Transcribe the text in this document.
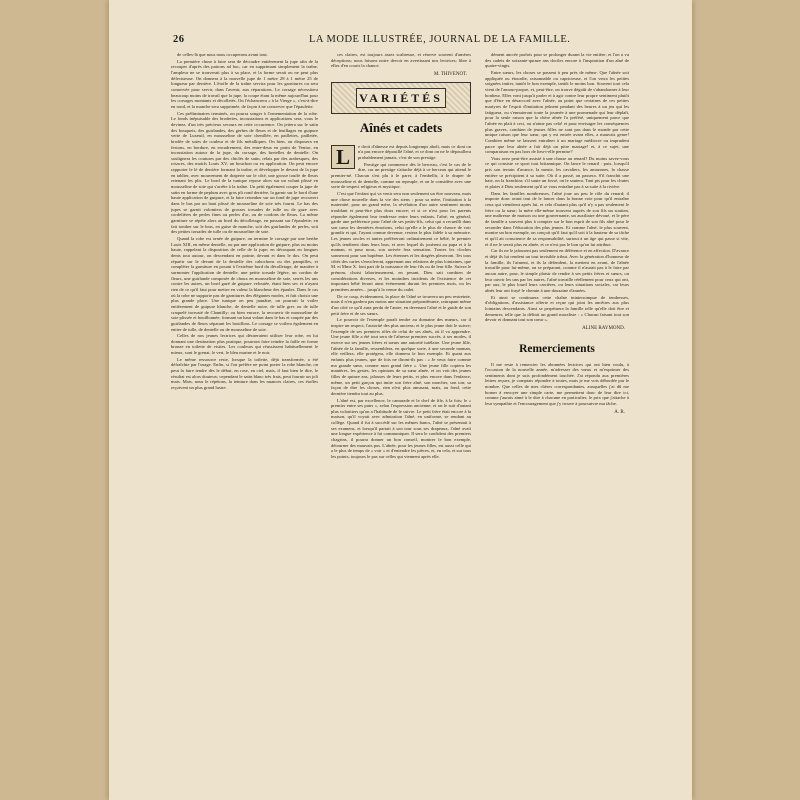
26	LA MODE ILLUSTRÉE, JOURNAL DE LA FAMILLE.

de celles-là que nous nous occuperons avant tout.

La première chose à faire sera de découdre entièrement la jupe afin de la recouper d'après des patrons ad hoc, car en supprimant simplement la traîne, l'ampleur ne se trouverait plus à sa place, et la forme serait ou ne peut plus défectueuse. On donnera à la nouvelle jupe de 1 mètre 28 à 1 mètre 25 de longueur par derrière. L'étoffe de la traîne servira pour les garnitures ou sera conservée pour servir, dans l'avenir, aux réparations. Le corsage nécessitera beaucoup moins de travail que la jupe, la coupe étant la même aujourd'hui pour les corsages montants et décolletés. On l'échancrera « à la Vierge », c'est-à-dire en rond, et la manche sera supprimée, de façon à ne conserver que l'épaulette.

Ces préliminaires terminés, on pourra songer à l'ornementation de la robe. Le fonds inépuisable des broderies, incrustations et applications sera, vous le devinez, d'un très précieux secours en cette occurrence. On jettera sur le satin des bouquets, des guirlandes, des gerbes de fleurs et de feuillages en guipure verte de Luxeuil, en mousseline de soie chenillée, en paillettes, pailletée, brodée de soies de couleur et de fils métalliques. On bien, on disposera en festons, en bordure, en encadrement, des entre-deux en point de Venise, en incrustation autour de la jupe, du corsage, des bretelles de dentelle. On soulignera les coutures par des chiclés de satin, relais par des arabesques, des rosaces, des motifs Louis XV, un bouchon ou en application. On peut encore rapporter le lé de derrière formant la traîne, et développer le devant de la jupe en tablier, avec mouvement de draperie sur le côté, une grosse touffe de fleurs retenant les plis. Le bord de la tunique repose alors sur un volant plissé en mousseline de soie qui s'arrête à la traîne. Un petit également couper la jupe de satin en forme de peplum avec gros pli rond derrière, la garnir sur le bord d'une haute application de guipure, et la faire retomber sur un fond de jupe recouvert dans le bas par un haut plissé de mousseline de soie très fourni. Le bas des jupes se garnit volontiers de grosses torsades de tulle ou de gaze avec cordelières de perles fines ou perles d'or, ou de cordons de fleurs. La même garniture se répète alors au bord du décolletage, en passant sur l'épaulette; en fait tomber sur le bras, en guise de manche, soit des guirlandes de perles, soit des petites torsades de tulle ou de mousseline de soie.

Quand la robe est ornée de guipure, on termine le corsage par une berthe Louis XIII, en même dentelle, ou par une application de guipure, plus ou moins haute, rappelant la disposition de celle de la jupe; en découpant en longues dents tout autour, on descendant en pointe, devant et dans le dos. On peut répartir sur le devant de la dentelle des cabochons ou des pampilles, et compléter la garniture en posant à l'extrême bord du décolletage, de manière à surmonter l'application de dentelle, une petite torsade légère, un cordon de fleurs, une guirlande composée de choux en mousseline de soie, serrés les uns contre les autres, un bord gazé de guipure veloutée, étant bien sec et n'ayant rien de ce qu'il faut pour mettre en valeur la blancheur des épaules. Dans le cas où la robe ne supporte pas de garnitures des élégantes modes, et fait choisir une plus grande place. Une tunique on peu jaunâtre, on pourrait la voiler entièrement de guipure blanche, de dentelle noire, de tulle grec ou de tulle craquelé incrusté de Chantilly; ou bien encore, la recouvrir de mousseline de soie plissée et bouillonnée, formant un haut volant dans le bas et coupée par des guirlandes de fleurs séparant les bouillons. Le corsage se voilera également en entier de tulle, de dentelle ou de mousseline de soie.

Celles de nos jeunes lectrices qui désireraient utiliser leur robe, en lui donnant une destination plus pratique, pourront faire teindre la faille en forme bronze en toilette de visites. Les couleurs qui réussissent habituellement le mieux, sont le grenat, le vert, le bleu marine et le noir.

Le même ressource reste, lorsque la toilette, déjà transformée, a été défraîchie par l'usage. Enfin, si l'on préfère ne point porter la robe blanche, on peut la faire tendre dès le début, en rose, en ciel, mais, il faut bien le dire, le résultat est alors douteux; cependant le satin blanc très frais, peut fournir un joli mais. Mais, nous le répétons, la teinture dans les nuances claires, ces étoffes reçoivent un plus grand lustre.

ces claires, est toujours assez scabreuse, et réserve souvent d'amères déceptions; nous faisons notre devoir en avertissant nos lectrices; libre à elles d'en courir la chance.

M. THIVENOT.
VARIÉTÉS
Aînés et cadets
L	e droit d'aînesse est depuis longtemps aboli, mais ce dont on n'a pas encore dépouillé l'aîné, et ce dont on ne le dépouillera probablement jamais, c'est de son prestige.

Prestige qui commence dès le berceau, c'est le cas de le dire, car un prestige s'attache déjà à ce berceau qui attend le premier-né. Chacun s'est plu à le parer, à l'embellir, à le draper de mousseline et de dentelle, comme on repeuple, et on le considère avec une sorte de respect religieux et mystique.

C'est que l'enfant qui va venir sera non seulement un être nouveau, mais une chose nouvelle dans la vie des siens : pour sa mère, l'initiation à la maternité, pour un grand mère, la révélation d'un autre sentiment moins troublant et peut-être plus doux encore; et si ce n'est pour les parents répondre également leur tendresse entre leurs enfants, l'aîné, en général, garde une préférence pour l'aîné de ses petits-fils, celui qui a recueilli dans son cœur les dernières émotions, celui qu'elle a le plus de chance de voir grandir et qui, l'ayant connue devenue, restera le plus fidèle à sa mémoire. Les jeunes oncles et tantes préfèreront ordinairement ce bébé, le premier qu'ils tendirent dans leurs bras, et avec lequel ils jouèrent au papa et à la maman, et pour nous, son arrivée fera sensation. Toutes les cloches sonneront pour son baptême. Les étrennes et les dragées pleuvront. Tes tous côtés des cartes s'envoleront, apprenant aux relations de plus lointaines, que M. et Mme X. font part de la naissance de leur fils ou de leur fille. Suivra le prénom, choisi laborieusement, en pesant, Dieu sait combien de considérations diverses, et les moindres incidents de l'existence de cet important bébé feront ainsi évènement durant les premiers mois, ou les premières années... jusqu'à la venue du cadet.

De ce coup, évidemment, la place de l'aîné se trouvera un peu restreinte, mais il n'en gardera pas moins une situation prépondérante, rattrapant même d'un côté ce qu'il aura perdu de l'autre, en devenant l'aîné et le guide de son petit frère et de ses sœurs.

Le pouvoir de l'exemple paraît tendre au domaine des mœurs, car il inspire un respect, l'autorité des plus anciens; et le plus jeune doit le suivre; l'exemple de ses premiers rôles de celui de ses aînés, où il va apprendre. Une jeune fille a été tout sera de l'aînesse premiers succès, à ses modes, il exerce sur ses jeunes frères et sœurs une autorité tutélaire. Une jeune fille, l'aînée de la famille, ressemblera, en quelque sorte, à une seconde maman, elle veillera, elle protégera, elle donnera le bon exemple. Et quant aux enfants plus jeunes, que de fois ne diront-ils pas : « Je veux faire comme ma grande sœur, comme mon grand frère ». Une jeune fille copiera les manières, les gestes, les opinions de sa sœur aînée, et on voit des jeunes filles de quinze ans, jalouses de leurs petits, et plus encore dans l'enfance, même, un petit garçon qui imite son frère aîné, son marcher, son ton; sa façon de dire les choses, rien n'est plus amusant, mais, au fond, cette dernière tiendra tout au plus.

L'aîné est, par excellence, le camarade et le chef de file, à la fois; le « premier entre ses pairs », selon l'expression ancienne; et on le suit d'autant plus volontiers qu'on a l'habitude de le suivre. Le petit frère était encore à la maison, qu'il voyait avec admiration l'aîné, en uniforme, se rendant au collège. Quand il fut à succédé sur les mêmes bancs, l'aîné se présentait à ses examens, et lorsqu'il partait à son tour sous ses drapeaux, l'aîné avait une longue expérience à lui communiquer. Il sera le confident des premiers chagrins, il pourra donner un bon conseil, montrer le bon exemple, détourner des mauvais pas. L'aînée, pour les jeunes filles, est aussi celle qui a le plus de temps de « voir » et d'entendre les pièces, et, en cela, et sur tous les points, toujours le pas sur celles qui viennent après elle.

dément ancrée parfois pour se prolonger durant la vie entière, et l'on a vu des cadets de soixante-quinze ans dociles encore à l'inspiration d'un aîné de quatre-vingts.

Entre sœurs, les choses se passent à peu près de même. Que l'aînée soit appliquée ou étourdie, raisonnable ou capricieuse, et l'on verra les petites soignées imiter, tantôt le bon exemple, tantôt le moins bon. Souvent tout cela vient de l'amour-propre, et, peut-être, on trouve dégoût de s'abandonner à leur bonheur. Elles vont jusqu'à parler et à agir contre leur propre sentiment plutôt que d'être en désaccord avec l'aînée, au point que certaines de ces petites martyres de l'esprit d'imitation jeûnent pendant des heures à un jeu qui les fatiguera, ou s'ennuieront toute la journée à une promenade qui leur déplaît, pour la seule raison que la chère aînée l'a préféré, uniquement parce que l'aînée en plait à ceci, ou n'aime pas cela! et pour envisager les conséquences plus graves, combien de jeunes filles ne sont pas dans le monde par cette unique raison que leur sœur, qui y est entrée avant elles, a mauvais genre! Combien même se laissent entraîner à un mariage médiocre ou imprudent parce que leur aînée a fait déjà un pitre mariage! et, à ce sujet, une comparaison en pas hors de lieu-t-elle permise?

Vous avez peut-être assisté à une chasse au renard? Du moins savez-vous ce qui consiste ce sport tout britannique. On lance le renard : puis, lorsqu'il pris son terrain d'avance, la meute, les cavaliers, les amazones, la chasse entière se précipitent à sa suite. Où il a passé, on passera. S'il franchit une haie, on la franchira; s'il saute un fossé, on le sautera. Tant pis pour les chutes et plaies à Dieu seulement qu'il se vous entraîne pas à sa suite à la rivière.

Dans les familles nombreuses, l'aîné joue un peu le rôle du renard; il importe donc avant tout de le lancer dans la bonne voie pour qu'il entraîne ceux qui viendront après lui, et cela d'autant plus qu'il n'y a pas seulement le frère ou la sœur; la mère elle-même trouvera auprès de son fils un soutien, une maîtresse de maison ou une gouvernante, un auxiliaire dévoué, et le père de famille a souvent plus à compter sur le bon esprit de son fils aîné pour le seconder dans l'éducation des plus jeunes. Et comme l'aîné, le plus souvent, montre un bon exemple, on conçoit qu'il faut qu'il soit à la hauteur de sa tâche et qu'il ait conscience de sa responsabilité, surtout à un âge qui passe si vite, et il ne le serait plus en aînée, et ce n'est pas le bon qu'on lui attribue.

Car ils ne le jalousent pas seulement en déférence et en affection. D'avance et déjà ils lui rendent un tout invisible tribut. Avec la génération d'honneur de la famille, ils l'aiment, et ils la défendent, la mettent en avant, de l'aînée travaille pour lui-même, on se préparant, comme il n'aurait pas à le faire par aucun autre, pour, le simple plaisir de rendre à ses petits frères et sœurs, ou leur ouvrir les uns par les autres, l'aîné travaille réellement pour ceux qui ont, par aux, le plus lourd leurs carrières, ou leurs situations sociales, car leurs aînés leur ont frayé le chemin à une douzaine d'années.

Et ainsi se continuera cette chaîne ininterrompue de tendresses, d'obligations, d'assistance offerte et reçue qui joint les ancêtres aux plus lointains descendants. Ainsi se perpétuera la famille telle qu'elle doit être et demeurer, telle que la définit un grand moraliste : « Chacun faisant tout son devoir et donnant tout son cœur ».

ALINE RAYMOND.
Remerciements

Il me reste à remercier les abonnées lectrices qui ont bien voulu, à l'occasion de la nouvelle année, m'adresser des vœux et m'exprimer des sentiments dont je suis profondément touchée. J'ai répondu aux premières lettres reçues, je comptais répondre à toutes, mais je me vois débordée par le nombre. Que celles de mes chères correspondantes, auxquelles j'ai dû me borner à envoyer une simple carte, me permettent donc de leur dire ici, comme j'aurais aimé à le dire à chacune en particulier, le prix que j'attache à leur sympathie et l'encouragement que j'y trouve à poursuivre ma tâche.

A. R.
